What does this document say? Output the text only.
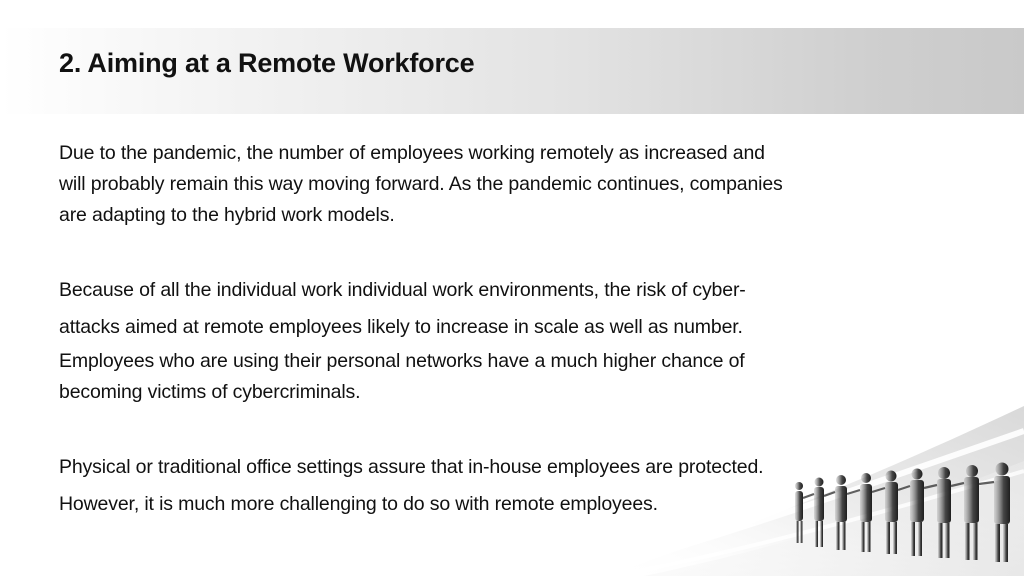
2. Aiming at a Remote Workforce

Due to the pandemic, the number of employees working remotely as increased and
will probably remain this way moving forward. As the pandemic continues, companies
are adapting to the hybrid work models.

Because of all the individual work individual work environments, the risk of cyber-
attacks aimed at remote employees likely to increase in scale as well as number.
Employees who are using their personal networks have a much higher chance of
becoming victims of cybercriminals.

Physical or traditional office settings assure that in-house employees are protected.
However, it is much more challenging to do so with remote employees.
